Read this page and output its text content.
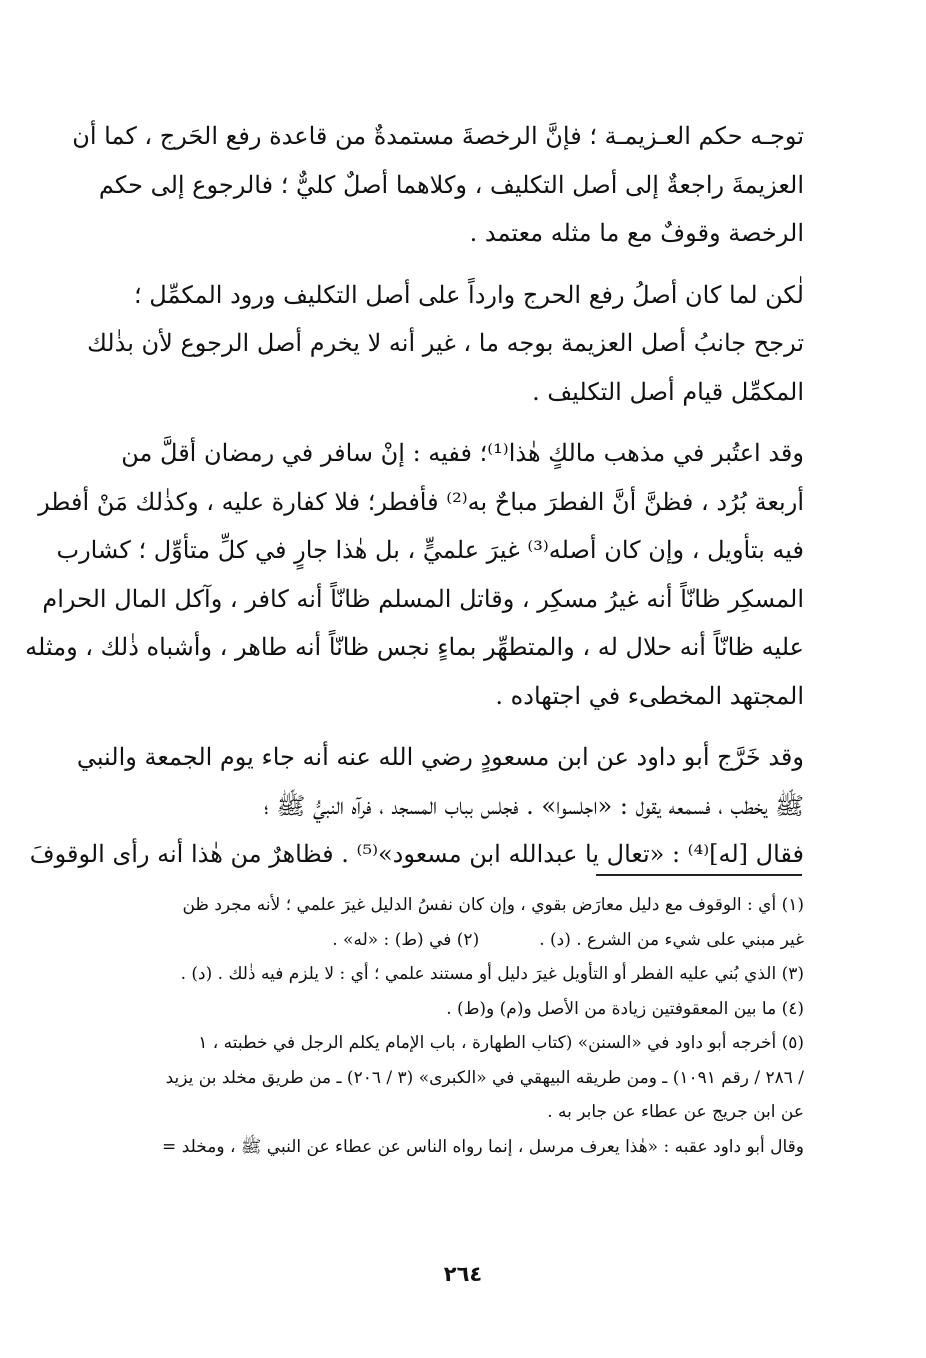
توجـه حكم العـزيمـة ؛ فإنَّ الرخصةَ مستمدةٌ من قاعدة رفع الحَرج ، كما أن
العزيمةَ راجعةٌ إلى أصل التكليف ، وكلاهما أصلٌ كليٌّ ؛ فالرجوع إلى حكم
الرخصة وقوفٌ مع ما مثله معتمد .
لٰكن لما كان أصلُ رفع الحرج وارداً على أصل التكليف ورود المكمِّل ؛
ترجح جانبُ أصل العزيمة بوجه ما ، غير أنه لا يخرم أصل الرجوع لأن بذٰلك
المكمِّل قيام أصل التكليف .
وقد اعتُبر في مذهب مالكٍ هٰذا⁽¹⁾؛ ففيه : إنْ سافر في رمضان أقلَّ من
أربعة بُرُد ، فظنَّ أنَّ الفطرَ مباحٌ به⁽²⁾ فأفطر؛ فلا كفارة عليه ، وكذٰلك مَنْ أفطر
فيه بتأويل ، وإن كان أصله⁽³⁾ غيرَ علميٍّ ، بل هٰذا جارٍ في كلِّ متأوِّل ؛ كشارب
المسكِر ظانّاً أنه غيرُ مسكِر ، وقاتل المسلم ظانّاً أنه كافر ، وآكل المال الحرام
عليه ظانّاً أنه حلال له ، والمتطهِّر بماءٍ نجس ظانّاً أنه طاهر ، وأشباه ذٰلك ، ومثله
المجتهد المخطىء في اجتهاده .
وقد خَرَّج أبو داود عن ابن مسعودٍ رضي الله عنه أنه جاء يوم الجمعة والنبي
ﷺ يخطب ، فسمعه يقول : «اجلسوا» . فجلس بباب المسجد ، فرآه النبيُّ ﷺ ؛
فقال [له]⁽⁴⁾ : «تعال يا عبدالله ابن مسعود»⁽⁵⁾ . فظاهرٌ من هٰذا أنه رأى الوقوفَ
(١) أي : الوقوف مع دليل معارَض بقوي ، وإن كان نفسُ الدليل غيرَ علمي ؛ لأنه مجرد ظن
غير مبني على شيء من الشرع . (د) .
(٢) في (ط) : «له» .
(٣) الذي بُني عليه الفطر أو التأويل غيرَ دليل أو مستند علمي ؛ أي : لا يلزم فيه ذٰلك . (د) .
(٤) ما بين المعقوفتين زيادة من الأصل و(م) و(ط) .
(٥) أخرجه أبو داود في «السنن» (كتاب الطهارة ، باب الإمام يكلم الرجل في خطبته ، ١
/ ٢٨٦ / رقم ١٠٩١) ـ ومن طريقه البيهقي في «الكبرى» (٣ / ٢٠٦) ـ من طريق مخلد بن يزيد
عن ابن جريج عن عطاء عن جابر به .
وقال أبو داود عقبه : «هٰذا يعرف مرسل ، إنما رواه الناس عن عطاء عن النبي ﷺ ، ومخلد =
٢٦٤
